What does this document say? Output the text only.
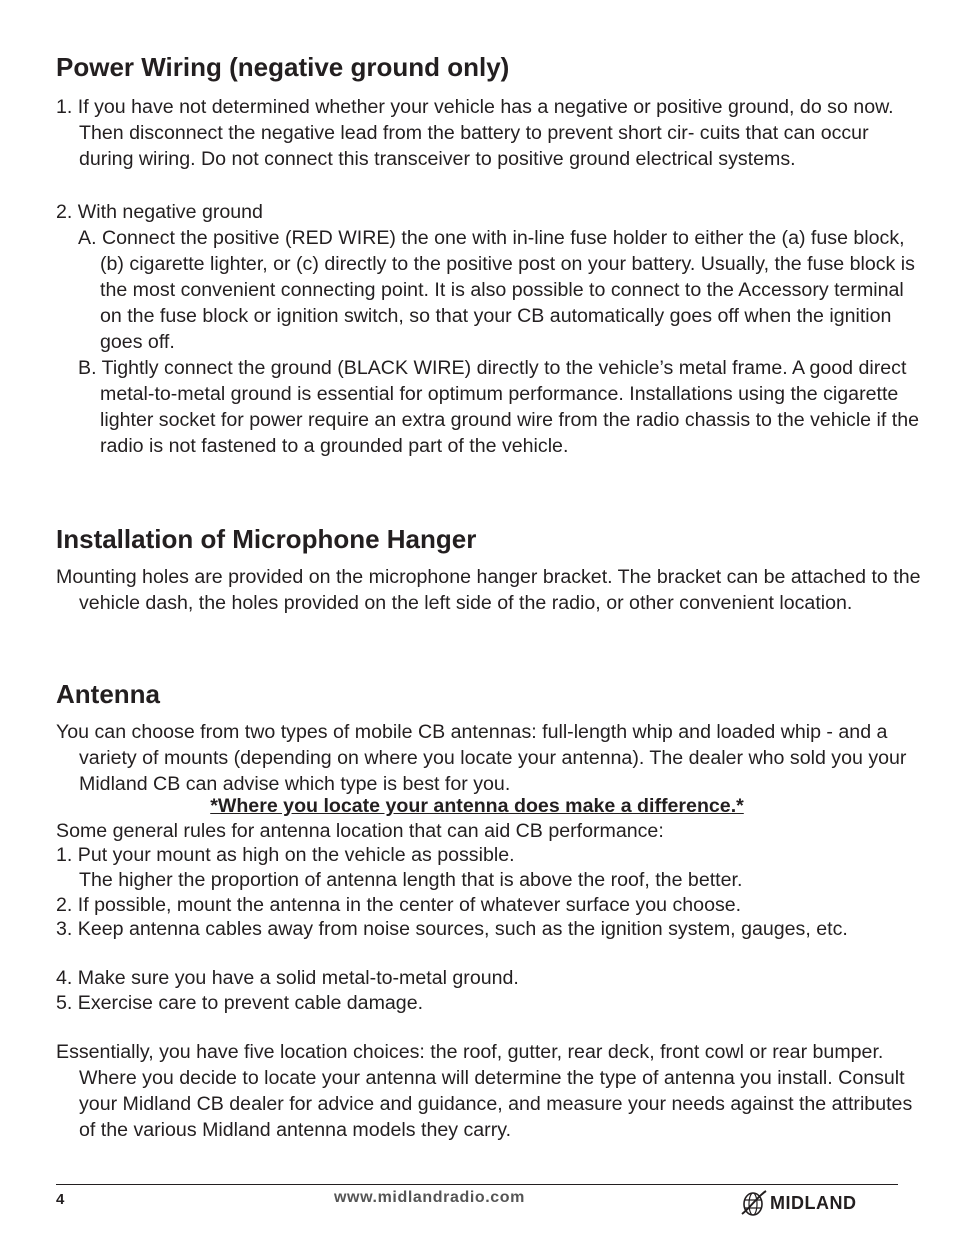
Power Wiring (negative ground only)
1. If you have not determined whether your vehicle has a negative or positive ground, do so now. Then disconnect the negative lead from the battery to prevent short cir- cuits that can occur during wiring. Do not connect this transceiver to positive ground electrical systems.
2. With negative ground
A. Connect the positive (RED WIRE) the one with in-line fuse holder to either the (a) fuse block, (b) cigarette lighter, or (c) directly to the positive post on your battery. Usually, the fuse block is the most convenient connecting point. It is also possible to connect to the Accessory terminal on the fuse block or ignition switch, so that your CB automatically goes off when the ignition goes off.
B. Tightly connect the ground (BLACK WIRE) directly to the vehicle’s metal frame. A good direct metal-to-metal ground is essential for optimum performance. Installations using the cigarette lighter socket for power require an extra ground wire from the radio chassis to the vehicle if the radio is not fastened to a grounded part of the vehicle.
Installation of Microphone Hanger
Mounting holes are provided on the microphone hanger bracket. The bracket can be attached to the vehicle dash, the holes provided on the left side of the radio, or other convenient location.
Antenna
You can choose from two types of mobile CB antennas: full-length whip and loaded whip - and a variety of mounts (depending on where you locate your antenna). The dealer who sold you your Midland CB can advise which type is best for you.
*Where you locate your antenna does make a difference.*
Some general rules for antenna location that can aid CB performance:
1. Put your mount as high on the vehicle as possible.
The higher the proportion of antenna length that is above the roof, the better.
2. If possible, mount the antenna in the center of whatever surface you choose.
3. Keep antenna cables away from noise sources, such as the ignition system, gauges, etc.
4. Make sure you have a solid metal-to-metal ground.
5. Exercise care to prevent cable damage.
Essentially, you have five location choices: the roof, gutter, rear deck, front cowl or rear bumper. Where you decide to locate your antenna will determine the type of antenna you install. Consult your Midland CB dealer for advice and guidance, and measure your needs against the attributes of the various Midland antenna models they carry.
4	www.midlandradio.com	MIDLAND
